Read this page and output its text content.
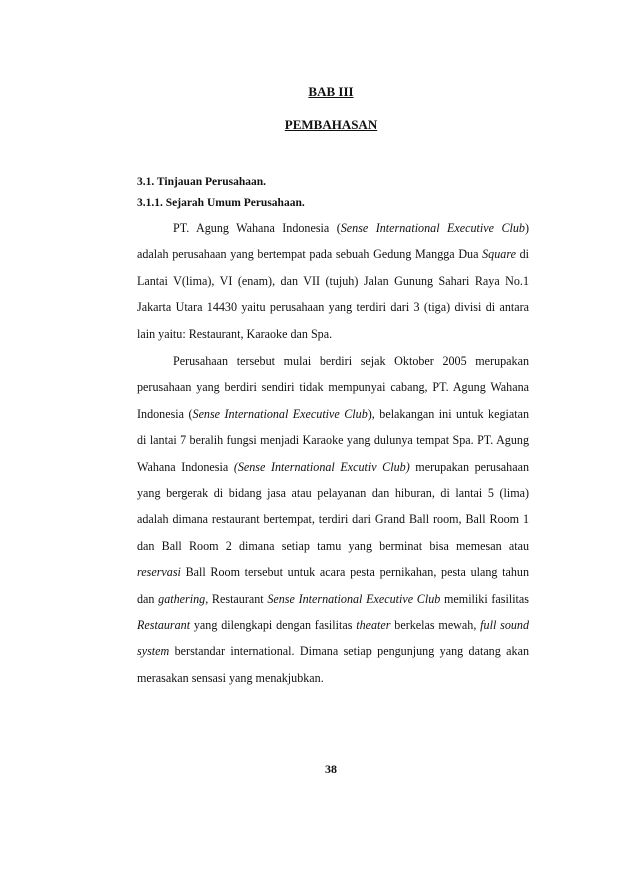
BAB III
PEMBAHASAN
3.1. Tinjauan Perusahaan.
3.1.1. Sejarah Umum Perusahaan.

PT. Agung Wahana Indonesia (Sense International Executive Club) adalah perusahaan yang bertempat pada sebuah Gedung Mangga Dua Square di Lantai V(lima), VI (enam), dan VII (tujuh) Jalan Gunung Sahari Raya No.1 Jakarta Utara 14430 yaitu perusahaan yang terdiri dari 3 (tiga) divisi di antara lain yaitu: Restaurant, Karaoke dan Spa.

Perusahaan tersebut mulai berdiri sejak Oktober 2005 merupakan perusahaan yang berdiri sendiri tidak mempunyai cabang, PT. Agung Wahana Indonesia (Sense International Executive Club), belakangan ini untuk kegiatan di lantai 7 beralih fungsi menjadi Karaoke yang dulunya tempat Spa. PT. Agung Wahana Indonesia (Sense International Excutiv Club) merupakan perusahaan yang bergerak di bidang jasa atau pelayanan dan hiburan, di lantai 5 (lima) adalah dimana restaurant bertempat, terdiri dari Grand Ball room, Ball Room 1 dan Ball Room 2 dimana setiap tamu yang berminat bisa memesan atau reservasi Ball Room tersebut untuk acara pesta pernikahan, pesta ulang tahun dan gathering, Restaurant Sense International Executive Club memiliki fasilitas Restaurant yang dilengkapi dengan fasilitas theater berkelas mewah, full sound system berstandar international. Dimana setiap pengunjung yang datang akan merasakan sensasi yang menakjubkan.

38
